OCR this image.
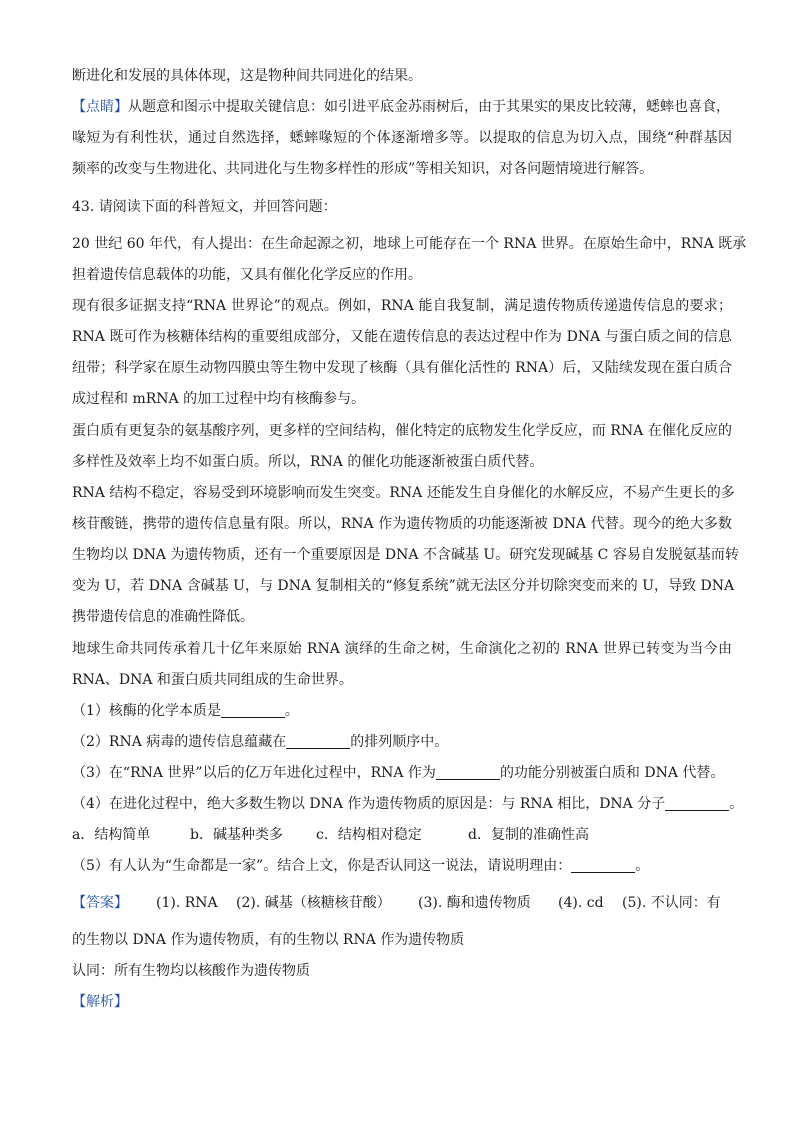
断进化和发展的具体体现，这是物种间共同进化的结果。
【点睛】从题意和图示中提取关键信息：如引进平底金苏雨树后，由于其果实的果皮比较薄，蟋蟀也喜食，
喙短为有利性状，通过自然选择，蟋蟀喙短的个体逐渐增多等。以提取的信息为切入点，围绕“种群基因
频率的改变与生物进化、共同进化与生物多样性的形成”等相关知识，对各问题情境进行解答。
43. 请阅读下面的科普短文，并回答问题：
20 世纪 60 年代，有人提出：在生命起源之初，地球上可能存在一个 RNA 世界。在原始生命中，RNA 既承
担着遗传信息载体的功能，又具有催化化学反应的作用。
现有很多证据支持“RNA 世界论”的观点。例如，RNA 能自我复制，满足遗传物质传递遗传信息的要求；
RNA 既可作为核糖体结构的重要组成部分，又能在遗传信息的表达过程中作为 DNA 与蛋白质之间的信息
纽带；科学家在原生动物四膜虫等生物中发现了核酶（具有催化活性的 RNA）后，又陆续发现在蛋白质合
成过程和 mRNA 的加工过程中均有核酶参与。
蛋白质有更复杂的氨基酸序列，更多样的空间结构，催化特定的底物发生化学反应，而 RNA 在催化反应的
多样性及效率上均不如蛋白质。所以，RNA 的催化功能逐渐被蛋白质代替。
RNA 结构不稳定，容易受到环境影响而发生突变。RNA 还能发生自身催化的水解反应，不易产生更长的多
核苷酸链，携带的遗传信息量有限。所以，RNA 作为遗传物质的功能逐渐被 DNA 代替。现今的绝大多数
生物均以 DNA 为遗传物质，还有一个重要原因是 DNA 不含碱基 U。研究发现碱基 C 容易自发脱氨基而转
变为 U，若 DNA 含碱基 U，与 DNA 复制相关的“修复系统”就无法区分并切除突变而来的 U，导致 DNA
携带遗传信息的准确性降低。
地球生命共同传承着几十亿年来原始 RNA 演绎的生命之树，生命演化之初的 RNA 世界已转变为当今由
RNA、DNA 和蛋白质共同组成的生命世界。
（1）核酶的化学本质是	。
（2）RNA 病毒的遗传信息蕴藏在	的排列顺序中。
（3）在“RNA 世界”以后的亿万年进化过程中，RNA 作为	的功能分别被蛋白质和 DNA 代替。
（4）在进化过程中，绝大多数生物以 DNA 作为遗传物质的原因是：与 RNA 相比，DNA 分子	。
a．结构简单	b．碱基种类多 c．结构相对稳定	d．复制的准确性高
（5）有人认为“生命都是一家”。结合上文，你是否认同这一说法，请说明理由：	。
【答案】 (1). RNA (2). 碱基（核糖核苷酸） (3). 酶和遗传物质 (4). cd (5). 不认同：有
的生物以 DNA 作为遗传物质，有的生物以 RNA 作为遗传物质
认同：所有生物均以核酸作为遗传物质
【解析】
